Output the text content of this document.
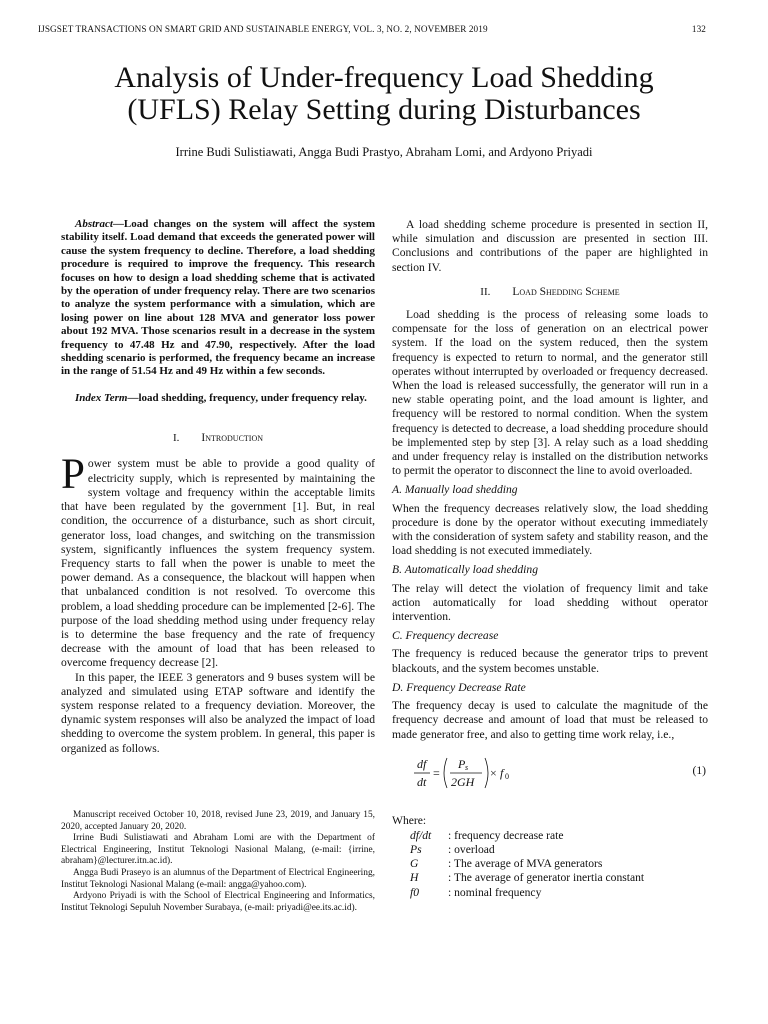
IJSGSET TRANSACTIONS ON SMART GRID AND SUSTAINABLE ENERGY, VOL. 3, NO. 2, NOVEMBER 2019	132
Analysis of Under-frequency Load Shedding
(UFLS) Relay Setting during Disturbances
Irrine Budi Sulistiawati, Angga Budi Prastyo, Abraham Lomi, and Ardyono Priyadi

Abstract—Load changes on the system will affect the system stability itself. Load demand that exceeds the generated power will cause the system frequency to decline. Therefore, a load shedding procedure is required to improve the frequency. This research focuses on how to design a load shedding scheme that is activated by the operation of under frequency relay. There are two scenarios to analyze the system performance with a simulation, which are losing power on line about 128 MVA and generator loss power about 192 MVA. Those scenarios result in a decrease in the system frequency to 47.48 Hz and 47.90, respectively. After the load shedding scenario is performed, the frequency became an increase in the range of 51.54 Hz and 49 Hz within a few seconds.

Index Term—load shedding, frequency, under frequency relay.

I. Introduction

Power system must be able to provide a good quality of electricity supply, which is represented by maintaining the system voltage and frequency within the acceptable limits that have been regulated by the government [1]. But, in real condition, the occurrence of a disturbance, such as short circuit, generator loss, load changes, and switching on the transmission system, significantly influences the system frequency system. Frequency starts to fall when the power is unable to meet the power demand. As a consequence, the blackout will happen when that unbalanced condition is not resolved. To overcome this problem, a load shedding procedure can be implemented [2-6]. The purpose of the load shedding method using under frequency relay is to determine the base frequency and the rate of frequency decrease with the amount of load that has been released to overcome frequency decrease [2].

In this paper, the IEEE 3 generators and 9 buses system will be analyzed and simulated using ETAP software and identify the system response related to a frequency deviation. Moreover, the dynamic system responses will also be analyzed the impact of load shedding to overcome the system problem. In general, this paper is organized as follows.

Manuscript received October 10, 2018, revised June 23, 2019, and January 15, 2020, accepted January 20, 2020.

Irrine Budi Sulistiawati and Abraham Lomi are with the Department of Electrical Engineering, Institut Teknologi Nasional Malang, (e-mail: {irrine, abraham}@lecturer.itn.ac.id).

Angga Budi Praseyo is an alumnus of the Department of Electrical Engineering, Institut Teknologi Nasional Malang (e-mail: angga@yahoo.com).

Ardyono Priyadi is with the School of Electrical Engineering and Informatics, Institut Teknologi Sepuluh November Surabaya, (e-mail: priyadi@ee.its.ac.id).

A load shedding scheme procedure is presented in section II, while simulation and discussion are presented in section III. Conclusions and contributions of the paper are highlighted in section IV.

II. Load Shedding Scheme

Load shedding is the process of releasing some loads to compensate for the loss of generation on an electrical power system. If the load on the system reduced, then the system frequency is expected to return to normal, and the generator still operates without interrupted by overloaded or frequency decreased. When the load is released successfully, the generator will run in a new stable operating point, and the load amount is lighter, and frequency will be restored to normal condition. When the system frequency is detected to decrease, a load shedding procedure should be implemented step by step [3]. A relay such as a load shedding and under frequency relay is installed on the distribution networks to permit the operator to disconnect the line to avoid overloaded.

A. Manually load shedding

When the frequency decreases relatively slow, the load shedding procedure is done by the operator without executing immediately with the consideration of system safety and stability reason, and the load shedding is not executed immediately.

B. Automatically load shedding

The relay will detect the violation of frequency limit and take action automatically for load shedding without operator intervention.

C. Frequency decrease

The frequency is reduced because the generator trips to prevent blackouts, and the system becomes unstable.

D. Frequency Decrease Rate

The frequency decay is used to calculate the magnitude of the frequency decrease and amount of load that must be released to made generator free, and also to getting time work relay, i.e.,

df
dt
=
P s
2GH
× f 0	(1)
Where:
df/dt	: frequency decrease rate
Ps	: overload
G	: The average of MVA generators
H	: The average of generator inertia constant
f0	: nominal frequency
